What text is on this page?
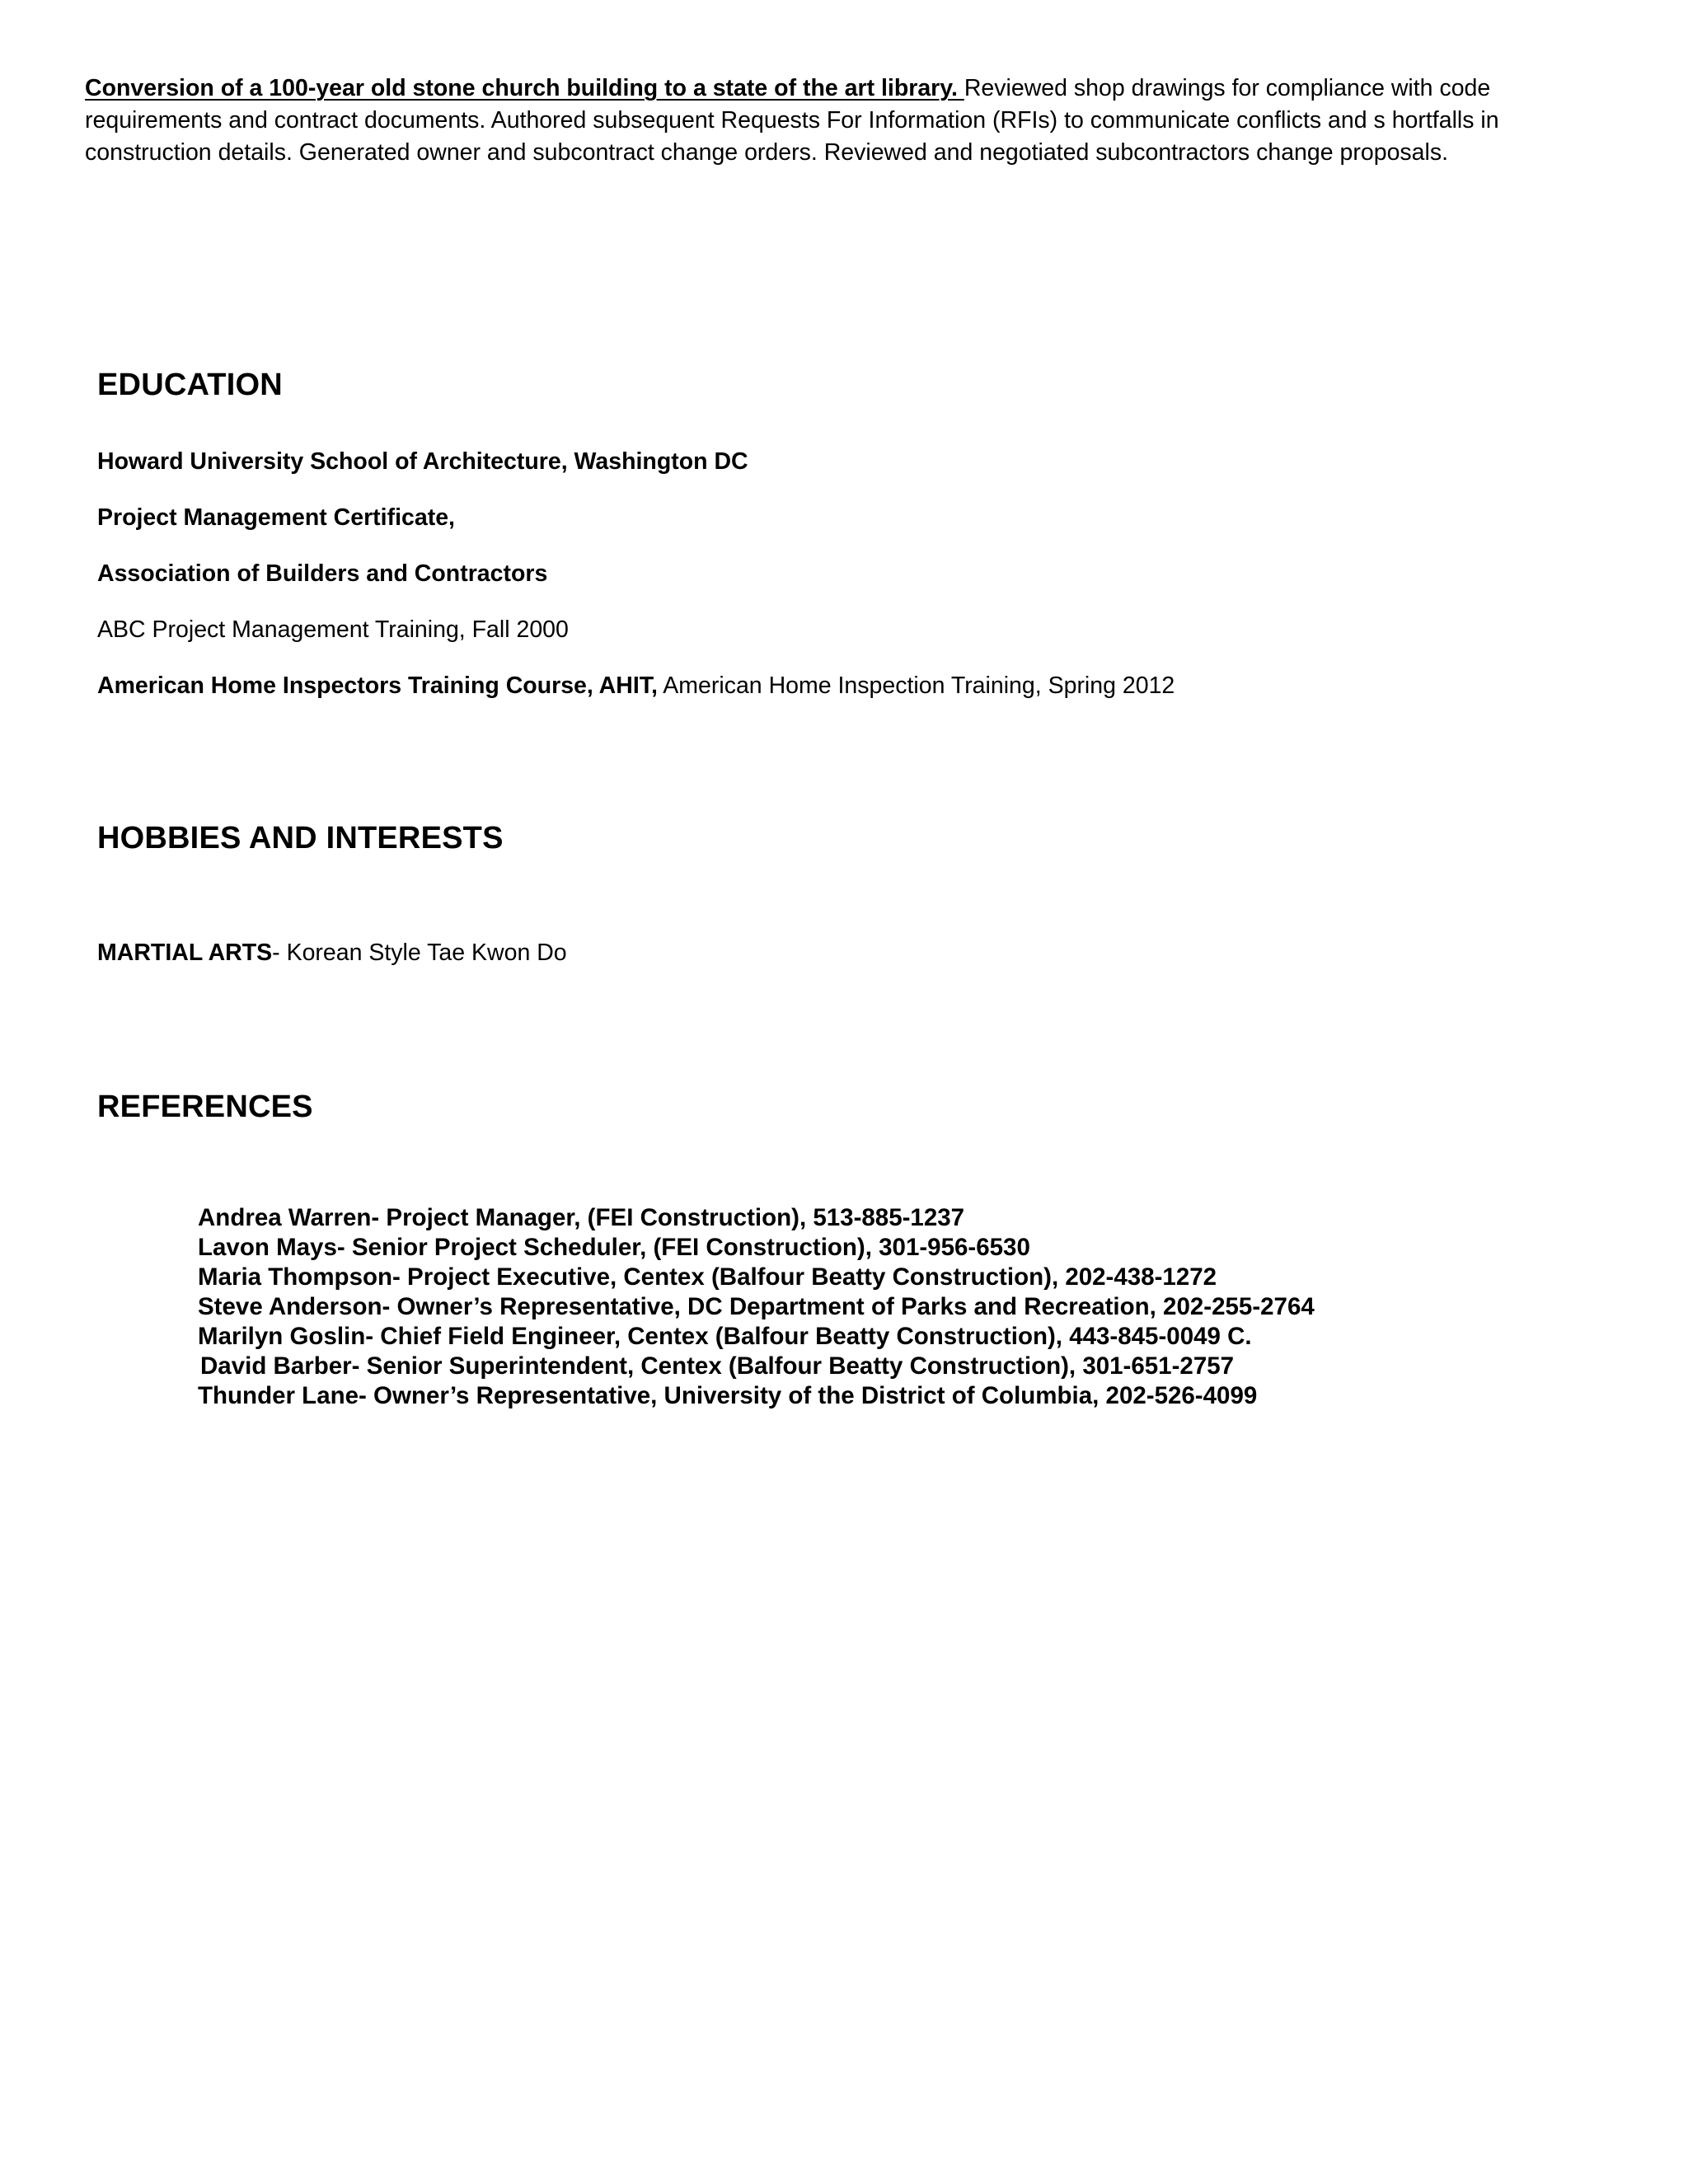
Conversion of a 100-year old stone church building to a state of the art library. Reviewed shop drawings for compliance with code requirements and contract documents. Authored subsequent Requests For Information (RFIs) to communicate conflicts and s hortfalls in construction details. Generated owner and subcontract change orders. Reviewed and negotiated subcontractors change proposals.

EDUCATION
Howard University School of Architecture, Washington DC
Project Management Certificate,
Association of Builders and Contractors
ABC Project Management Training, Fall 2000
American Home Inspectors Training Course, AHIT, American Home Inspection Training, Spring 2012
HOBBIES AND INTERESTS
MARTIAL ARTS- Korean Style Tae Kwon Do
REFERENCES
Andrea Warren- Project Manager, (FEI Construction), 513-885-1237
Lavon Mays- Senior Project Scheduler, (FEI Construction), 301-956-6530
Maria Thompson- Project Executive, Centex (Balfour Beatty Construction), 202-438-1272
Steve Anderson- Owner’s Representative, DC Department of Parks and Recreation, 202-255-2764
Marilyn Goslin- Chief Field Engineer, Centex (Balfour Beatty Construction), 443-845-0049 C.
David Barber- Senior Superintendent, Centex (Balfour Beatty Construction), 301-651-2757
Thunder Lane- Owner’s Representative, University of the District of Columbia, 202-526-4099
